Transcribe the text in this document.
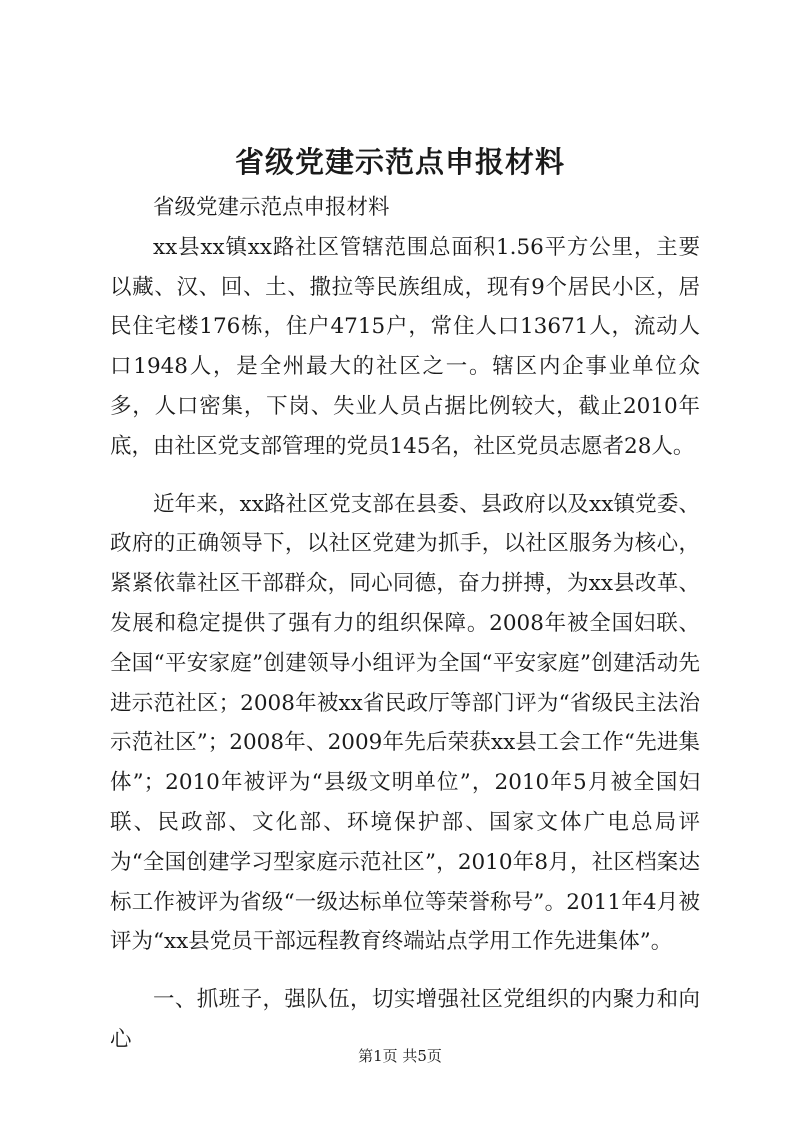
省级党建示范点申报材料

省级党建示范点申报材料

xx县xx镇xx路社区管辖范围总面积1.56平方公里，主要以藏、汉、回、土、撒拉等民族组成，现有9个居民小区，居民住宅楼176栋，住户4715户，常住人口13671人，流动人口1948人，是全州最大的社区之一。辖区内企事业单位众多，人口密集，下岗、失业人员占据比例较大，截止2010年底，由社区党支部管理的党员145名，社区党员志愿者28人。

近年来，xx路社区党支部在县委、县政府以及xx镇党委、政府的正确领导下，以社区党建为抓手，以社区服务为核心，紧紧依靠社区干部群众，同心同德，奋力拼搏，为xx县改革、发展和稳定提供了强有力的组织保障。2008年被全国妇联、全国“平安家庭”创建领导小组评为全国“平安家庭”创建活动先进示范社区；2008年被xx省民政厅等部门评为“省级民主法治示范社区”；2008年、2009年先后荣获xx县工会工作“先进集体”；2010年被评为“县级文明单位”，2010年5月被全国妇联、民政部、文化部、环境保护部、国家文体广电总局评为“全国创建学习型家庭示范社区”，2010年8月，社区档案达标工作被评为省级“一级达标单位等荣誉称号”。2011年4月被评为“xx县党员干部远程教育终端站点学用工作先进集体”。

一、抓班子，强队伍，切实增强社区党组织的内聚力和向心

第1页 共5页
